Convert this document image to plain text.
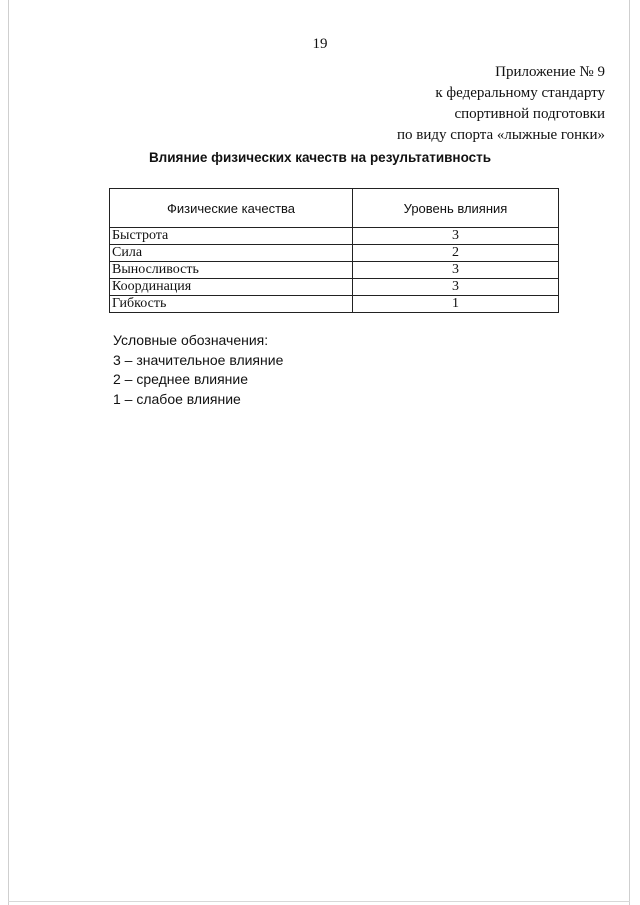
19
Приложение № 9
к федеральному стандарту
спортивной подготовки
по виду спорта «лыжные гонки»
Влияние физических качеств на результативность
Физические качества	Уровень влияния
Быстрота	3
Сила	2
Выносливость	3
Координация	3
Гибкость	1
Условные обозначения:
3 – значительное влияние
2 – среднее влияние
1 – слабое влияние
